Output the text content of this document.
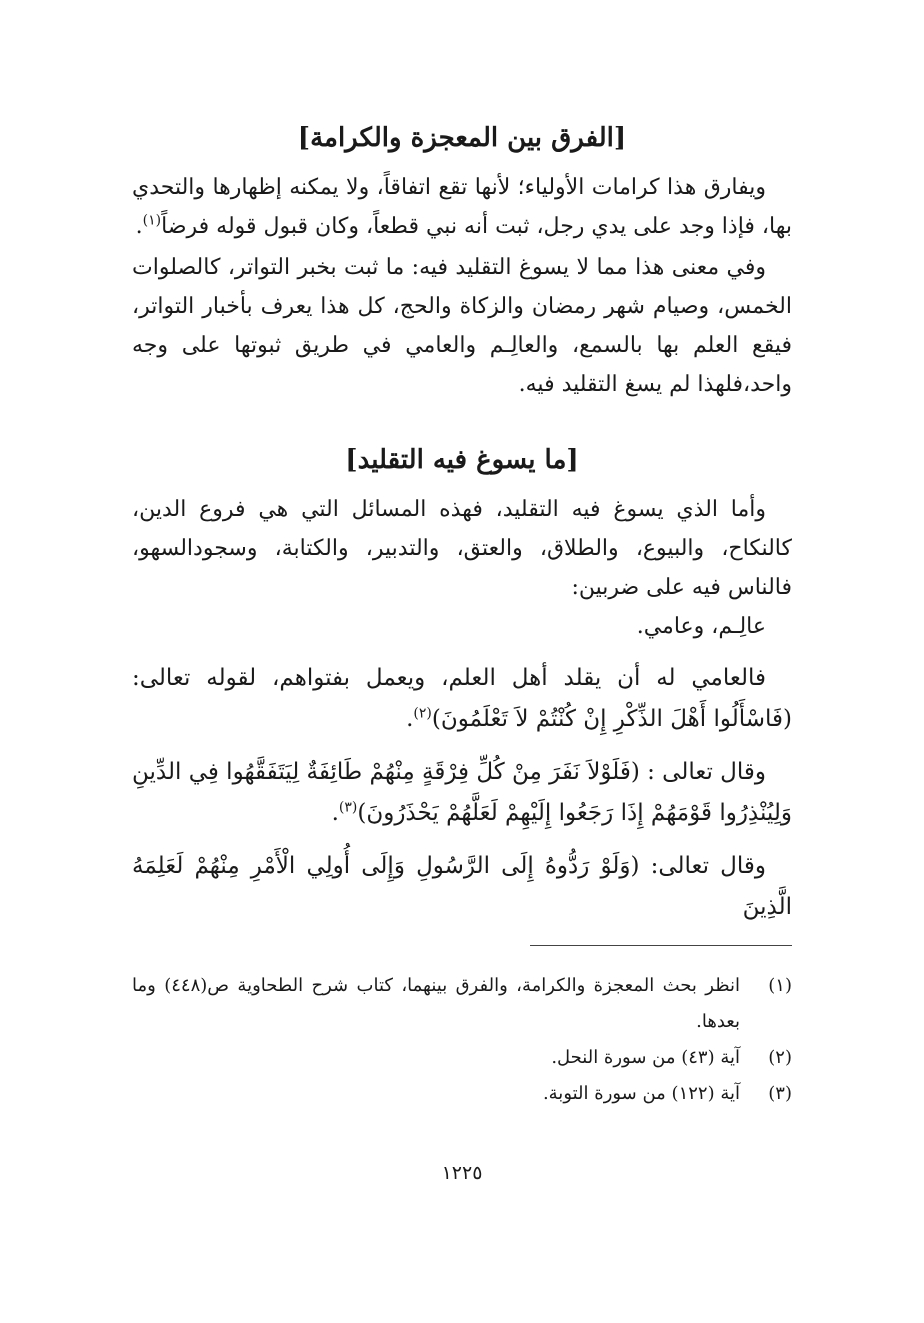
[الفرق بين المعجزة والكرامة]

ويفارق هذا كرامات الأولياء؛ لأنها تقع اتفاقاً، ولا يمكنه إظهارها والتحدي بها، فإذا وجد على يدي رجل، ثبت أنه نبي قطعاً، وكان قبول قوله فرضاً$^{(١)}$.

وفي معنى هذا مما لا يسوغ التقليد فيه: ما ثبت بخبر التواتر، كالصلوات الخمس، وصيام شهر رمضان والزكاة والحج، كل هذا يعرف بأخبار التواتر، فيقع العلم بها بالسمع، والعالِـم والعامي في طريق ثبوتها على وجه واحد،فلهذا لم يسغ التقليد فيه.

[ما يسوغ فيه التقليد]

وأما الذي يسوغ فيه التقليد، فهذه المسائل التي هي فروع الدين، كالنكاح، والبيوع، والطلاق، والعتق، والتدبير، والكتابة، وسجودالسهو، فالناس فيه على ضربين:

عالِـم، وعامي.

فالعامي له أن يقلد أهل العلم، ويعمل بفتواهم، لقوله تعالى: (فَاسْأَلُوا أَهْلَ الذِّكْرِ إِنْ كُنْتُمْ لاَ تَعْلَمُونَ)$^{(٢)}$.

وقال تعالى : (فَلَوْلاَ نَفَرَ مِنْ كُلِّ فِرْقَةٍ مِنْهُمْ طَائِفَةٌ لِيَتَفَقَّهُوا فِي الدِّينِ وَلِيُنْذِرُوا قَوْمَهُمْ إِذَا رَجَعُوا إِلَيْهِمْ لَعَلَّهُمْ يَحْذَرُونَ)$^{(٣)}$.

وقال تعالى: (وَلَوْ رَدُّوهُ إِلَى الرَّسُولِ وَإِلَى أُولِي الْأَمْرِ مِنْهُمْ لَعَلِمَهُ الَّذِينَ

(١)
انظر بحث المعجزة والكرامة، والفرق بينهما، كتاب شرح الطحاوية ص(٤٤٨) وما بعدها.
(٢)
آية (٤٣) من سورة النحل.
(٣)
آية (١٢٢) من سورة التوبة.
١٢٢٥
